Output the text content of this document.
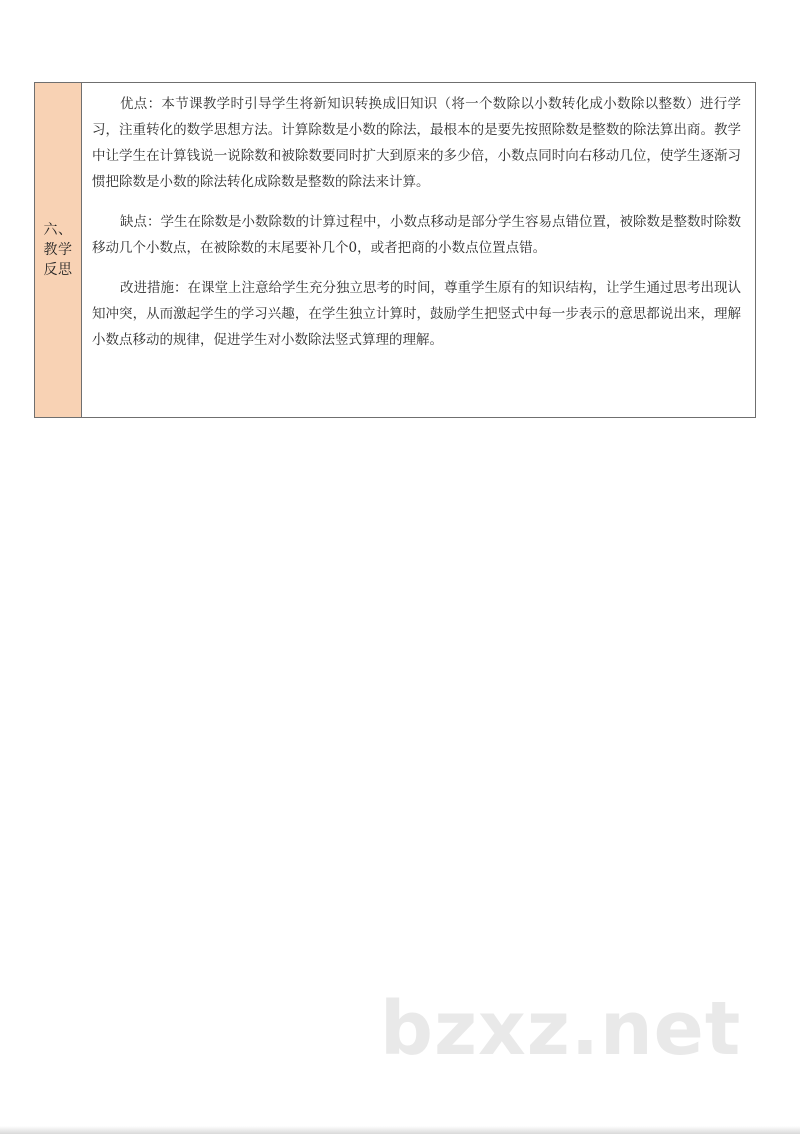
六、
教学
反思

优点：本节课教学时引导学生将新知识转换成旧知识（将一个数除以小数转化成小数除以整数）进行学习，注重转化的数学思想方法。计算除数是小数的除法，最根本的是要先按照除数是整数的除法算出商。教学中让学生在计算钱说一说除数和被除数要同时扩大到原来的多少倍，小数点同时向右移动几位，使学生逐渐习惯把除数是小数的除法转化成除数是整数的除法来计算。

缺点：学生在除数是小数除数的计算过程中，小数点移动是部分学生容易点错位置，被除数是整数时除数移动几个小数点，在被除数的末尾要补几个0，或者把商的小数点位置点错。

改进措施：在课堂上注意给学生充分独立思考的时间，尊重学生原有的知识结构，让学生通过思考出现认知冲突，从而激起学生的学习兴趣，在学生独立计算时，鼓励学生把竖式中每一步表示的意思都说出来，理解小数点移动的规律，促进学生对小数除法竖式算理的理解。

bzxz.net
